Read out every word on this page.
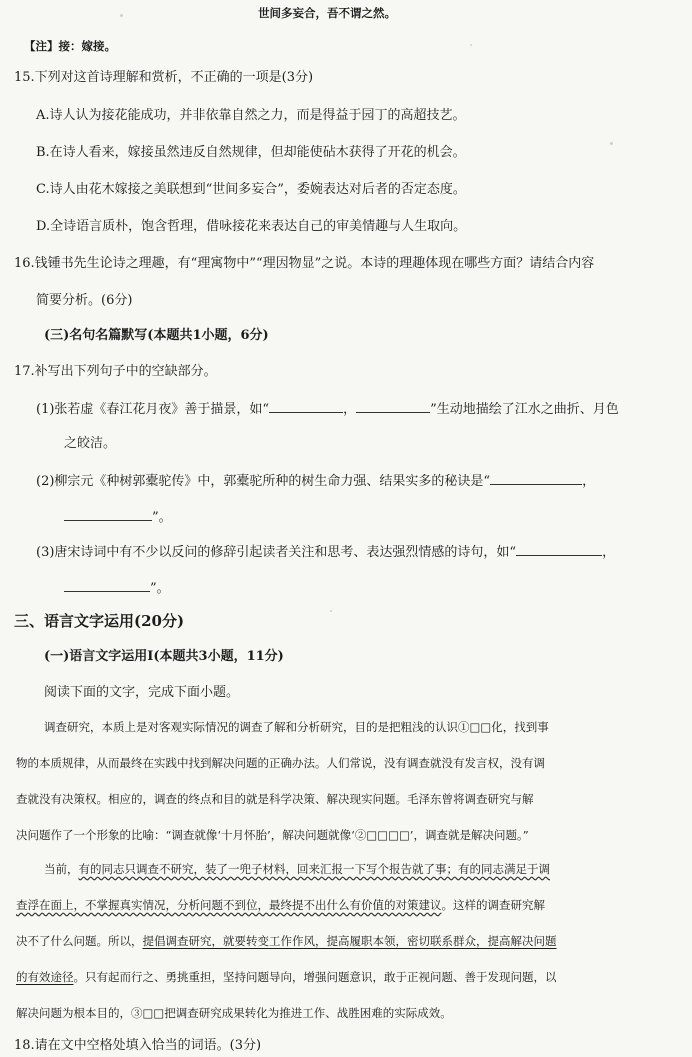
世间多妄合，吾不谓之然。
【注】接：嫁接。
15.下列对这首诗理解和赏析，不正确的一项是(3分)
A.诗人认为接花能成功，并非依靠自然之力，而是得益于园丁的高超技艺。
B.在诗人看来，嫁接虽然违反自然规律，但却能使砧木获得了开花的机会。
C.诗人由花木嫁接之美联想到“世间多妄合”，委婉表达对后者的否定态度。
D.全诗语言质朴，饱含哲理，借咏接花来表达自己的审美情趣与人生取向。
16.钱锺书先生论诗之理趣，有“理寓物中”“理因物显”之说。本诗的理趣体现在哪些方面？请结合内容
简要分析。(6分)
(三)名句名篇默写(本题共1小题，6分)
17.补写出下列句子中的空缺部分。
(1)张若虚《春江花月夜》善于描景，如“	，	”生动地描绘了江水之曲折、月色
之皎洁。
(2)柳宗元《种树郭橐驼传》中，郭橐驼所种的树生命力强、结果实多的秘诀是“	，
”。
(3)唐宋诗词中有不少以反问的修辞引起读者关注和思考、表达强烈情感的诗句，如“	，
”。
三、语言文字运用(20分)
(一)语言文字运用Ⅰ(本题共3小题，11分)
阅读下面的文字，完成下面小题。
调查研究，本质上是对客观实际情况的调查了解和分析研究，目的是把粗浅的认识①□□化，找到事
物的本质规律，从而最终在实践中找到解决问题的正确办法。人们常说，没有调查就没有发言权，没有调
查就没有决策权。相应的，调查的终点和目的就是科学决策、解决现实问题。毛泽东曾将调查研究与解
决问题作了一个形象的比喻：“调查就像‘十月怀胎’，解决问题就像‘②□□□□’，调查就是解决问题。”
当前，有的同志只调查不研究，装了一兜子材料，回来汇报一下写个报告就了事；有的同志满足于调
查浮在面上，不掌握真实情况，分析问题不到位，最终提不出什么有价值的对策建议。这样的调查研究解
决不了什么问题。所以，提倡调查研究，就要转变工作作风，提高履职本领，密切联系群众，提高解决问题
的有效途径。只有起而行之、勇挑重担，坚持问题导向，增强问题意识，敢于正视问题、善于发现问题，以
解决问题为根本目的，③□□把调查研究成果转化为推进工作、战胜困难的实际成效。
18.请在文中空格处填入恰当的词语。(3分)
